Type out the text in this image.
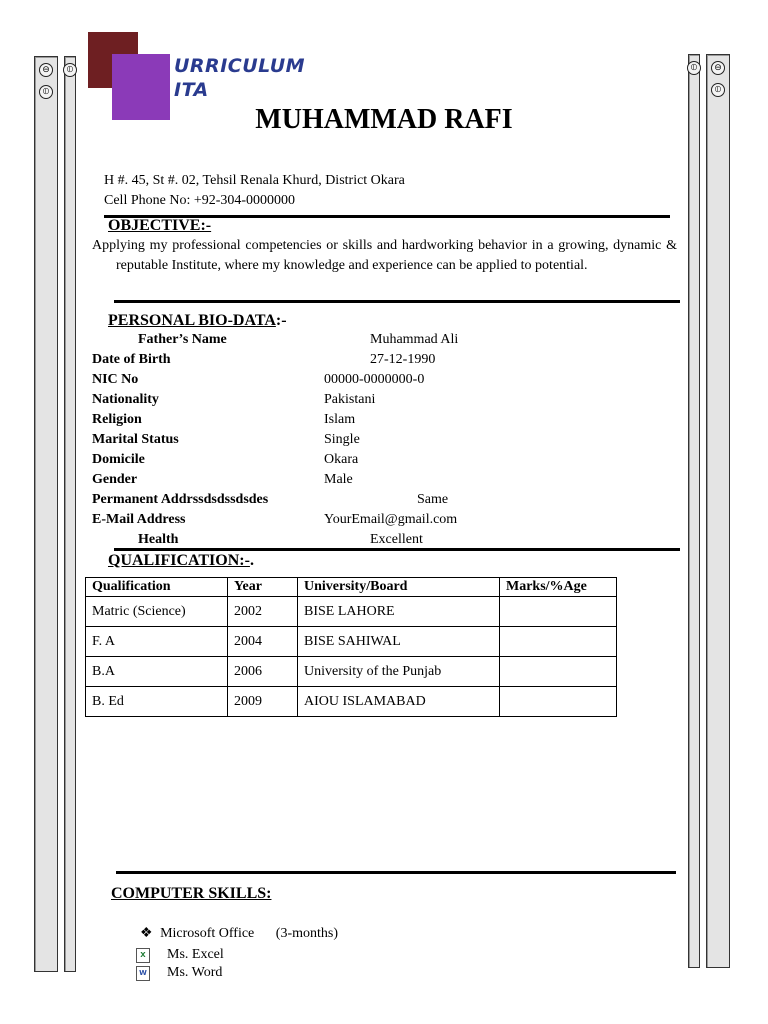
⊖
⦶
⦶	⦶	⊖
⦶
URRICULUM
ITA
MUHAMMAD RAFI
H #. 45, St #. 02, Tehsil Renala Khurd, District Okara
Cell Phone No: +92-304-0000000
OBJECTIVE:-
Applying my professional competencies or skills and hardworking behavior in a growing, dynamic & reputable Institute, where my knowledge and experience can be applied to potential.
PERSONAL BIO-DATA:-
Father’s Name	Muhammad Ali
Date of Birth	27-12-1990
NIC No	00000-0000000-0
Nationality	Pakistani
Religion	Islam
Marital Status	Single
Domicile	Okara
Gender	Male
Permanent Addrssdsdssdsdes	Same
E-Mail Address	YourEmail@gmail.com
Health	Excellent
QUALIFICATION:-.
Qualification	Year	University/Board	Marks/%Age
Matric (Science)	2002	BISE LAHORE	
F. A	2004	BISE SAHIWAL	
B.A	2006	University of the Punjab	
B. Ed	2009	AIOU ISLAMABAD	
COMPUTER SKILLS:
❖ Microsoft Office (3-months)
X	Ms. Excel
W Ms. Word
